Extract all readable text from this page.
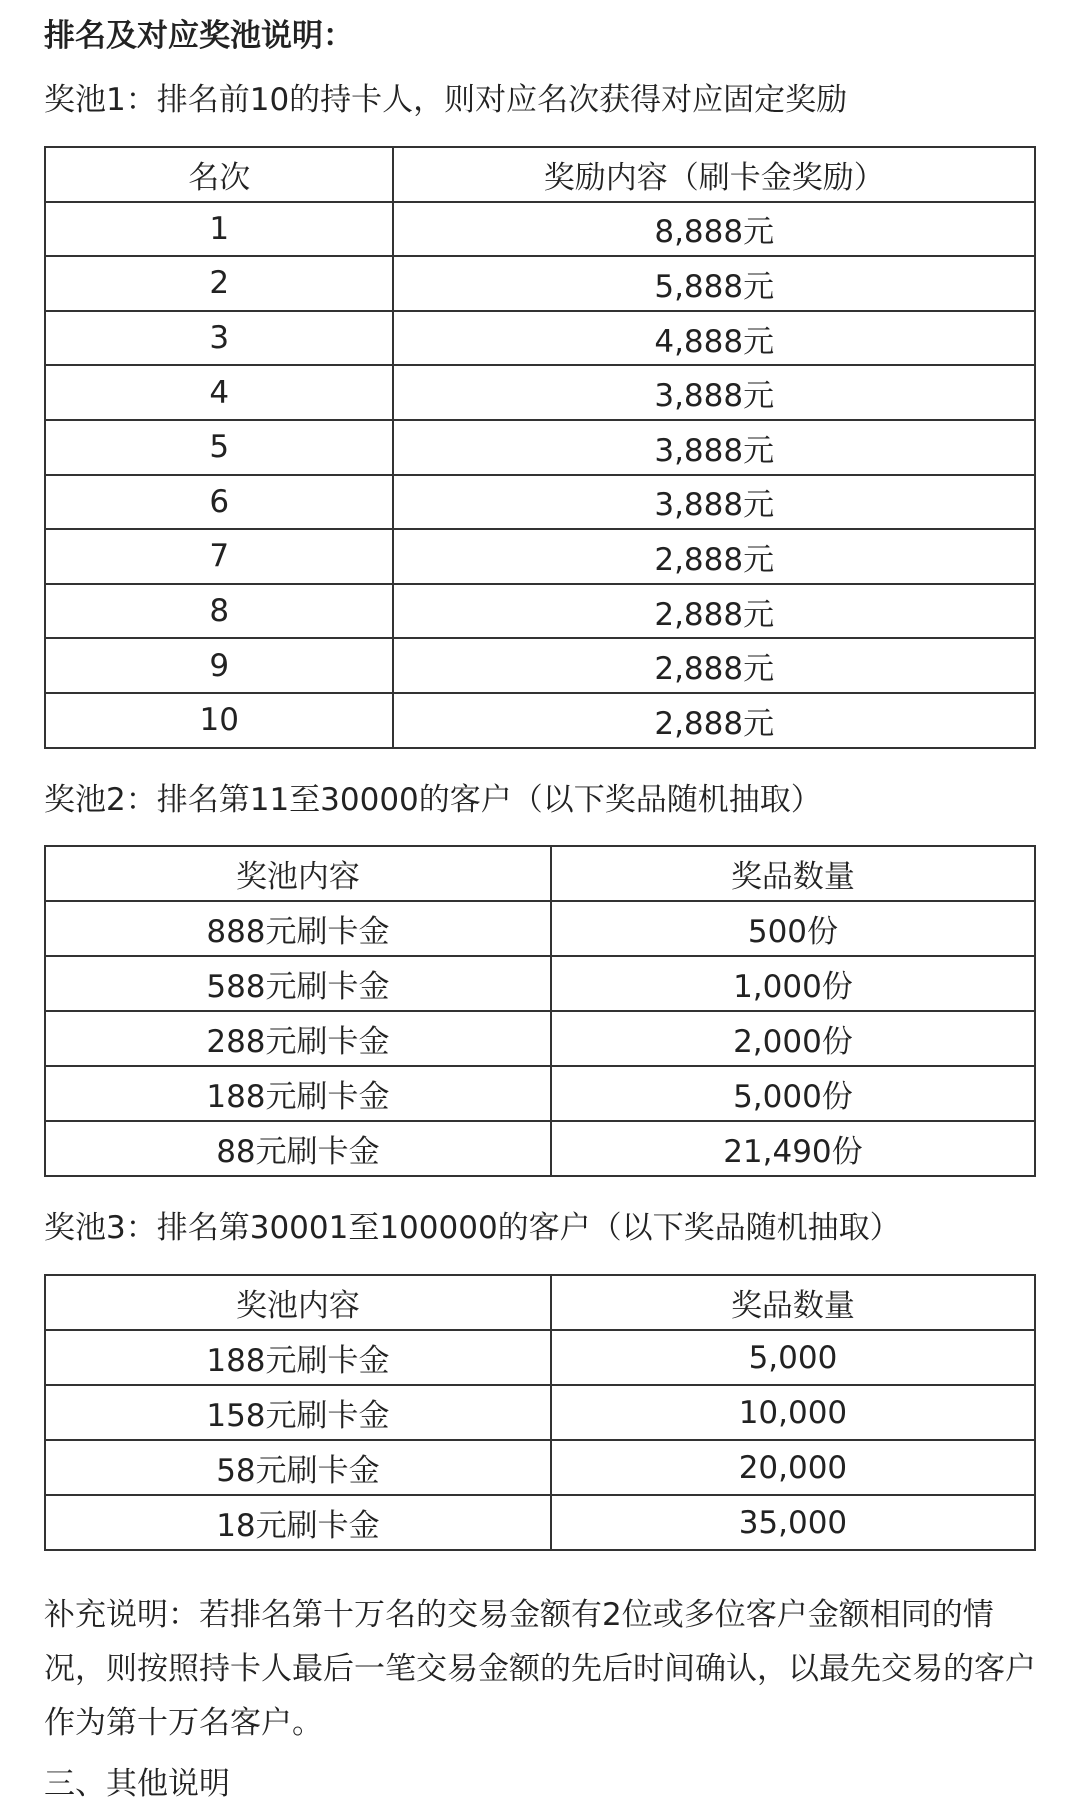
排名及对应奖池说明：
奖池1：排名前10的持卡人，则对应名次获得对应固定奖励
名次	奖励内容（刷卡金奖励）
1	8,888元
2	5,888元
3	4,888元
4	3,888元
5	3,888元
6	3,888元
7	2,888元
8	2,888元
9	2,888元
10	2,888元
奖池2：排名第11至30000的客户（以下奖品随机抽取）
奖池内容	奖品数量
888元刷卡金	500份
588元刷卡金	1,000份
288元刷卡金	2,000份
188元刷卡金	5,000份
88元刷卡金	21,490份
奖池3：排名第30001至100000的客户（以下奖品随机抽取）
奖池内容	奖品数量
188元刷卡金	5,000
158元刷卡金	10,000
58元刷卡金	20,000
18元刷卡金	35,000
补充说明：若排名第十万名的交易金额有2位或多位客户金额相同的情况，则按照持卡人最后一笔交易金额的先后时间确认，以最先交易的客户作为第十万名客户。
三、其他说明
